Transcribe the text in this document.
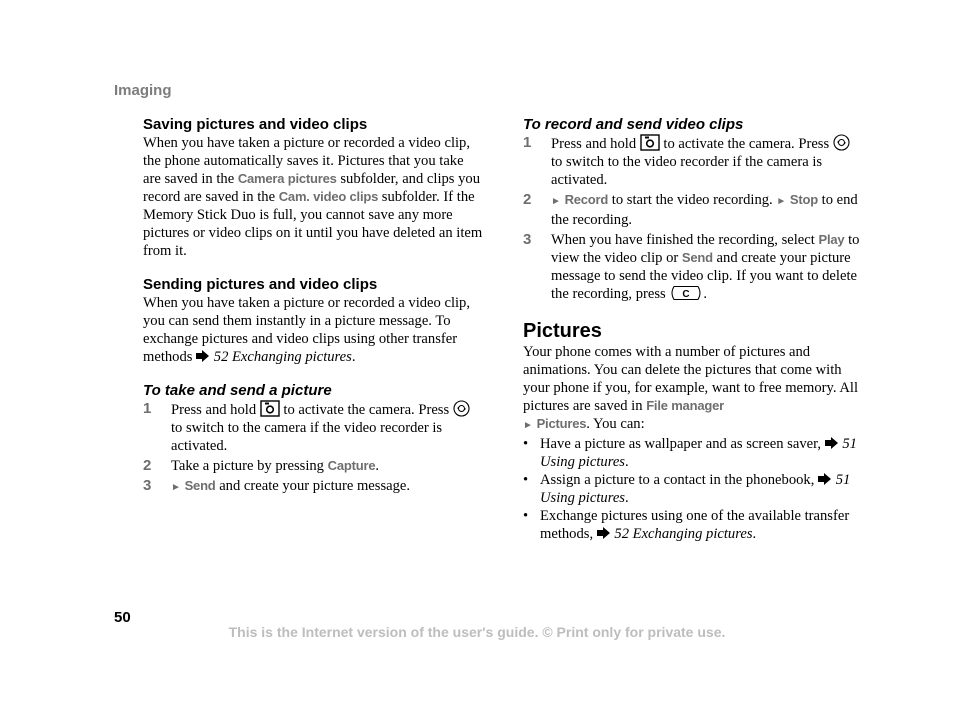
Imaging
Saving pictures and video clips

When you have taken a picture or recorded a video clip, the phone automatically saves it. Pictures that you take are saved in the Camera pictures subfolder, and clips you record are saved in the Cam. video clips subfolder. If the Memory Stick Duo is full, you cannot save any more pictures or video clips on it until you have deleted an item from it.

Sending pictures and video clips

When you have taken a picture or recorded a video clip, you can send them instantly in a picture message. To exchange pictures and video clips using other transfer methods  52 Exchanging pictures.

To take and send a picture
1 Press and hold  to activate the camera. Press  to switch to the camera if the video recorder is activated.
2 Take a picture by pressing Capture.
3 ► Send and create your picture message.
To record and send video clips
1 Press and hold  to activate the camera. Press  to switch to the video recorder if the camera is activated.
2 ► Record to start the video recording. ► Stop to end the recording.
3 When you have finished the recording, select Play to view the video clip or Send and create your picture message to send the video clip. If you want to delete the recording, press C .
Pictures

Your phone comes with a number of pictures and animations. You can delete the pictures that come with your phone if you, for example, want to free memory. All pictures are saved in File manager
► Pictures. You can:

• Have a picture as wallpaper and as screen saver,  51 Using pictures.
• Assign a picture to a contact in the phonebook,  51 Using pictures.
• Exchange pictures using one of the available transfer methods,  52 Exchanging pictures.
50
This is the Internet version of the user's guide. © Print only for private use.
